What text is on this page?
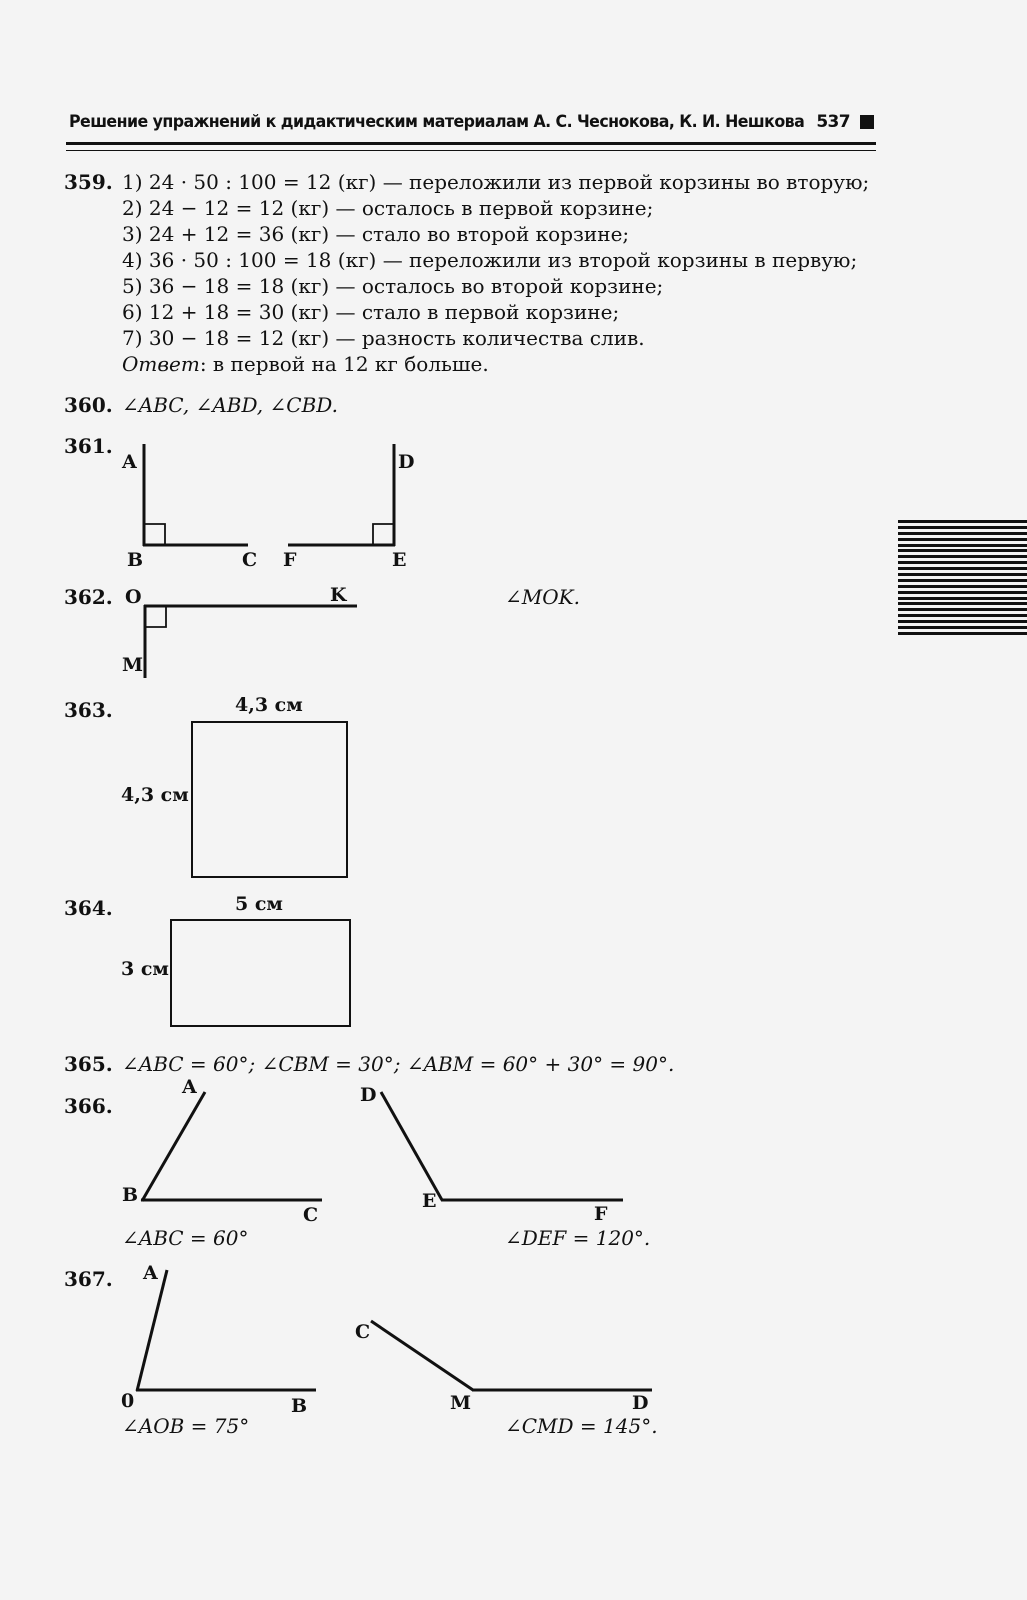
Решение упражнений к дидактическим материалам А. С. Чеснокова, К. И. Нешкова 537
359. 1) 24 · 50 : 100 = 12 (кг) — переложили из первой корзины во вторую;
2) 24 − 12 = 12 (кг) — осталось в первой корзине;
3) 24 + 12 = 36 (кг) — стало во второй корзине;
4) 36 · 50 : 100 = 18 (кг) — переложили из второй корзины в первую;
5) 36 − 18 = 18 (кг) — осталось во второй корзине;
6) 12 + 18 = 30 (кг) — стало в первой корзине;
7) 30 − 18 = 12 (кг) — разность количества слив.
Ответ: в первой на 12 кг больше.
360. ∠ABC, ∠ABD, ∠CBD.
361.
A
B	C
D
E
F
362. O	K
M
∠MOK.
363.	4,3 см
4,3 см
364.	5 см
3 см
365. ∠ABC = 60°; ∠CBM = 30°; ∠ABM = 60° + 30° = 90°.
366.
A
B
C
D
E
F
∠ABC = 60°	∠DEF = 120°.
367. A
0	B
C
M	D
∠AOB = 75°	∠CMD = 145°.
